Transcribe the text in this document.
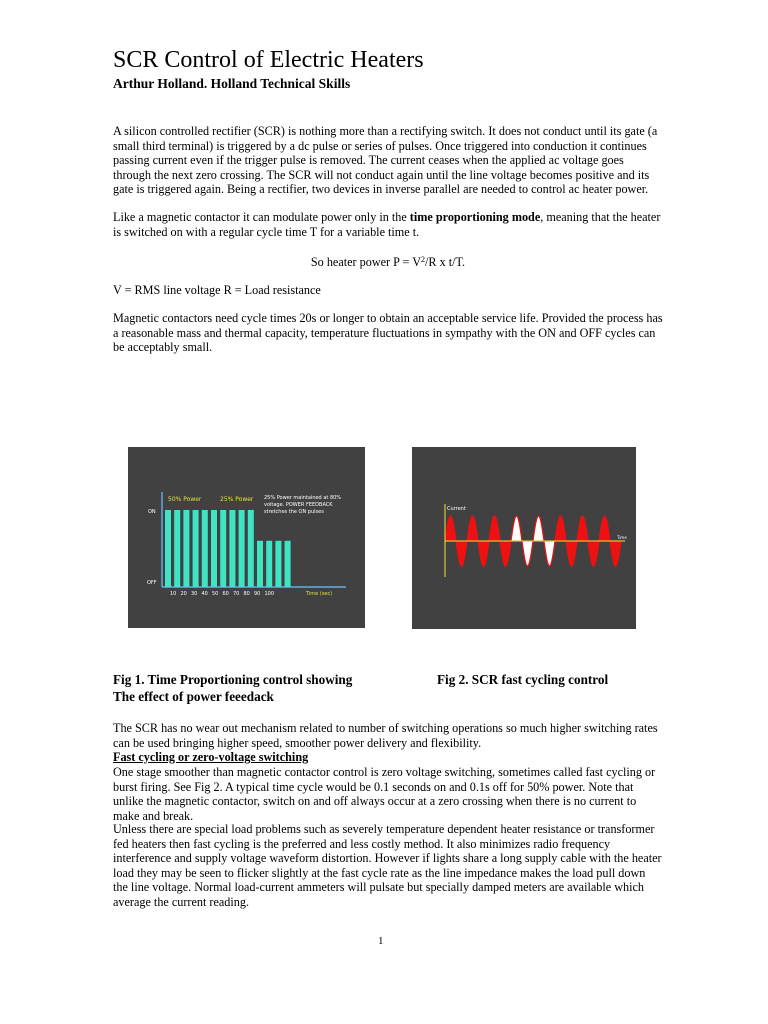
SCR Control of Electric Heaters
Arthur Holland. Holland Technical Skills

A silicon controlled rectifier (SCR) is nothing more than a rectifying switch. It does not conduct until its gate (a small third terminal) is triggered by a dc pulse or series of pulses. Once triggered into conduction it continues passing current even if the trigger pulse is removed. The current ceases when the applied ac voltage goes through the next zero crossing. The SCR will not conduct again until the line voltage becomes positive and its gate is triggered again. Being a rectifier, two devices in inverse parallel are needed to control ac heater power.

Like a magnetic contactor it can modulate power only in the time proportioning mode, meaning that the heater is switched on with a regular cycle time T for a variable time t.

So heater power $P = V^2/R$ x t/T.

V = RMS line voltage R = Load resistance

Magnetic contactors need cycle times 20s or longer to obtain an acceptable service life. Provided the process has a reasonable mass and thermal capacity, temperature fluctuations in sympathy with the ON and OFF cycles can be acceptably small.

50% Power	25% Power 25% Power maintained at 80%
voltage. POWER FEEDBACK
stretches the ON pulses
ON
OFF
10 20 30 40 50 60 70 80 90 100	Time (sec)
Current
Time
Fig 1. Time Proportioning control showing
The effect of power feeedack
Fig 2. SCR fast cycling control

The SCR has no wear out mechanism related to number of switching operations so much higher switching rates can be used bringing higher speed, smoother power delivery and flexibility.

Fast cycling or zero-voltage switching

One stage smoother than magnetic contactor control is zero voltage switching, sometimes called fast cycling or burst firing. See Fig 2. A typical time cycle would be 0.1 seconds on and 0.1s off for 50% power. Note that unlike the magnetic contactor, switch on and off always occur at a zero crossing when there is no current to make and break.

Unless there are special load problems such as severely temperature dependent heater resistance or transformer fed heaters then fast cycling is the preferred and less costly method. It also minimizes radio frequency interference and supply voltage waveform distortion. However if lights share a long supply cable with the heater load they may be seen to flicker slightly at the fast cycle rate as the line impedance makes the load pull down the line voltage. Normal load-current ammeters will pulsate but specially damped meters are available which average the current reading.

1
